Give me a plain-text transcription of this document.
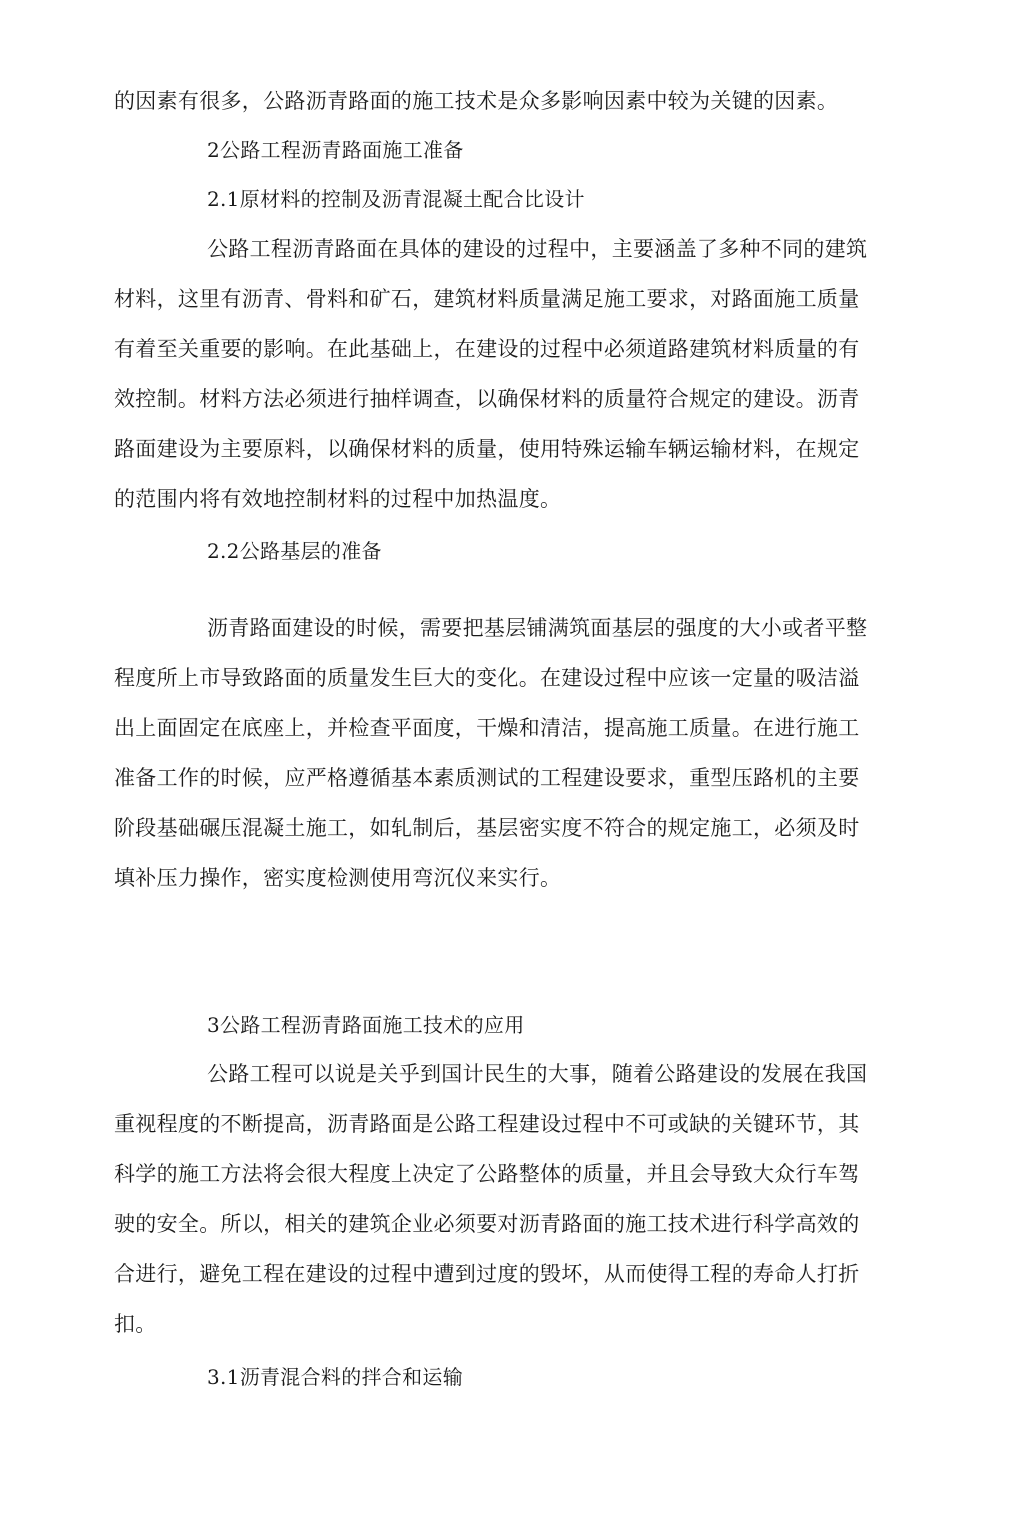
的因素有很多，公路沥青路面的施工技术是众多影响因素中较为关键的因素。
2公路工程沥青路面施工准备
2.1原材料的控制及沥青混凝土配合比设计
公路工程沥青路面在具体的建设的过程中，主要涵盖了多种不同的建筑
材料，这里有沥青、骨料和矿石，建筑材料质量满足施工要求，对路面施工质量
有着至关重要的影响。在此基础上，在建设的过程中必须道路建筑材料质量的有
效控制。材料方法必须进行抽样调查，以确保材料的质量符合规定的建设。沥青
路面建设为主要原料，以确保材料的质量，使用特殊运输车辆运输材料，在规定
的范围内将有效地控制材料的过程中加热温度。
2.2公路基层的准备
沥青路面建设的时候，需要把基层铺满筑面基层的强度的大小或者平整
程度所上市导致路面的质量发生巨大的变化。在建设过程中应该一定量的吸洁溢
出上面固定在底座上，并检查平面度，干燥和清洁，提高施工质量。在进行施工
准备工作的时候，应严格遵循基本素质测试的工程建设要求，重型压路机的主要
阶段基础碾压混凝土施工，如轧制后，基层密实度不符合的规定施工，必须及时
填补压力操作，密实度检测使用弯沉仪来实行。
3公路工程沥青路面施工技术的应用
公路工程可以说是关乎到国计民生的大事，随着公路建设的发展在我国
重视程度的不断提高，沥青路面是公路工程建设过程中不可或缺的关键环节，其
科学的施工方法将会很大程度上决定了公路整体的质量，并且会导致大众行车驾
驶的安全。所以，相关的建筑企业必须要对沥青路面的施工技术进行科学高效的
合进行，避免工程在建设的过程中遭到过度的毁坏，从而使得工程的寿命人打折
扣。
3.1沥青混合料的拌合和运输
